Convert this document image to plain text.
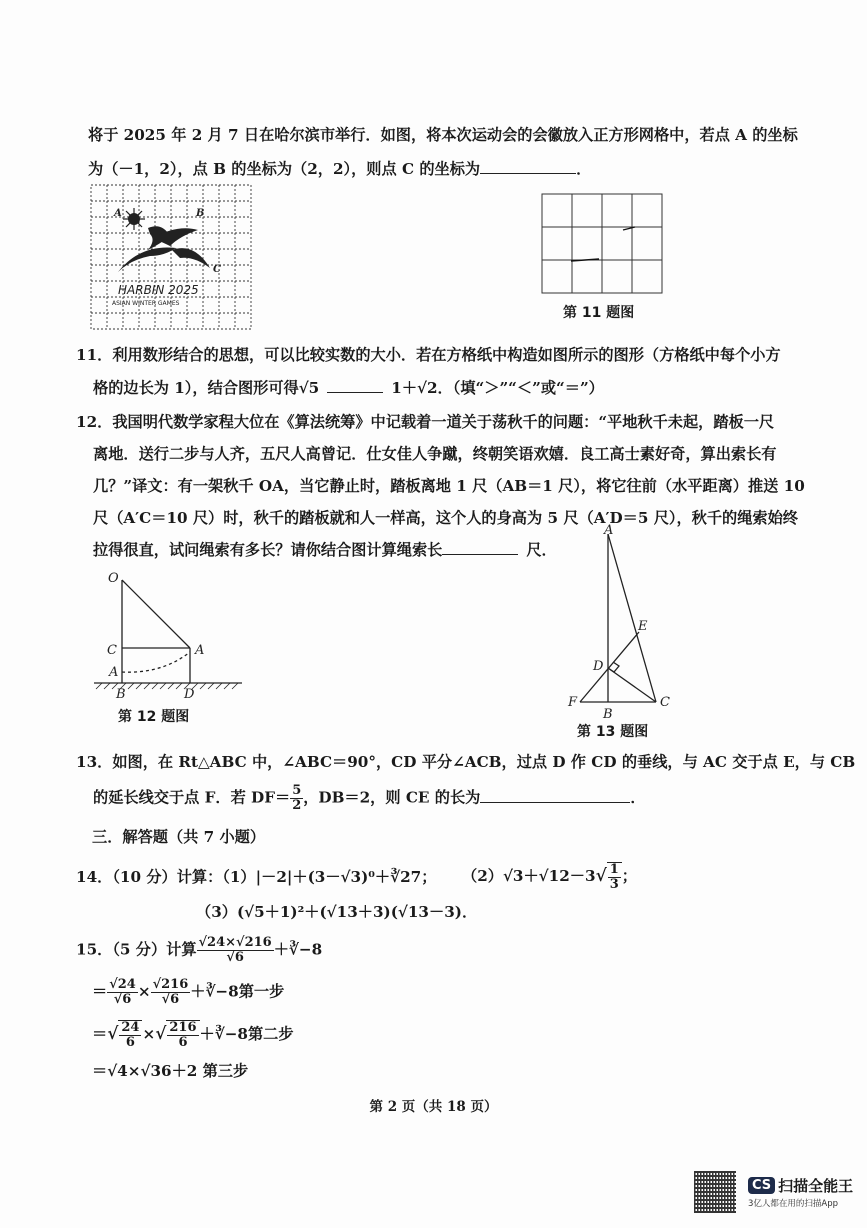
将于 2025 年 2 月 7 日在哈尔滨市举行．如图，将本次运动会的会徽放入正方形网格中，若点 A 的坐标
为（－1，2），点 B 的坐标为（2，2），则点 C 的坐标为	．
A	B
C
HARBIN 2025
ASIAN WINTER GAMES
第 11 题图
11．利用数形结合的思想，可以比较实数的大小．若在方格纸中构造如图所示的图形（方格纸中每个小方
格的边长为 1），结合图形可得√5	1＋√2．（填“＞”“＜”或“＝”）
12．我国明代数学家程大位在《算法统筹》中记载着一道关于荡秋千的问题：“平地秋千未起，踏板一尺
离地．送行二步与人齐，五尺人高曾记．仕女佳人争蹴，终朝笑语欢嬉．良工高士素好奇，算出索长有
几？”译文：有一架秋千 OA，当它静止时，踏板离地 1 尺（AB＝1 尺），将它往前（水平距离）推送 10
尺（A′C＝10 尺）时，秋千的踏板就和人一样高，这个人的身高为 5 尺（A′D＝5 尺），秋千的绳索始终
拉得很直，试问绳索有多长？请你结合图计算绳索长	尺．
O
C
A
A
B	D
第 12 题图
A
E
D
F
B
C
第 13 题图
13．如图，在 Rt△ABC 中，∠ABC＝90°，CD 平分∠ACB，过点 D 作 CD 的垂线，与 AC 交于点 E，与 CB
的延长线交于点 F．若 $DF= \frac{5}{2}$ ，DB＝2，则 CE 的长为	．
三．解答题（共 7 小题）
14．（10 分）计算：（1）|－2|＋(3－√3)⁰＋∛27； $(2)√3+√12-3√ \frac{1}{3}$ ；
（3）(√5＋1)²＋(√13＋3)(√13－3)．
15．（5 分）计算 $\frac{√24\times√216}{√6}$ ＋∛−8
＝ $\frac{√24}{√6} \times \frac{√216}{√6}$ ＋∛−8第一步
＝√ $\frac{24}{6}$ ×√ $\frac{216}{6}$ ＋∛−8第二步
＝√4×√36＋2 第三步
第 2 页（共 18 页）
CS 扫描全能王
3亿人都在用的扫描App
